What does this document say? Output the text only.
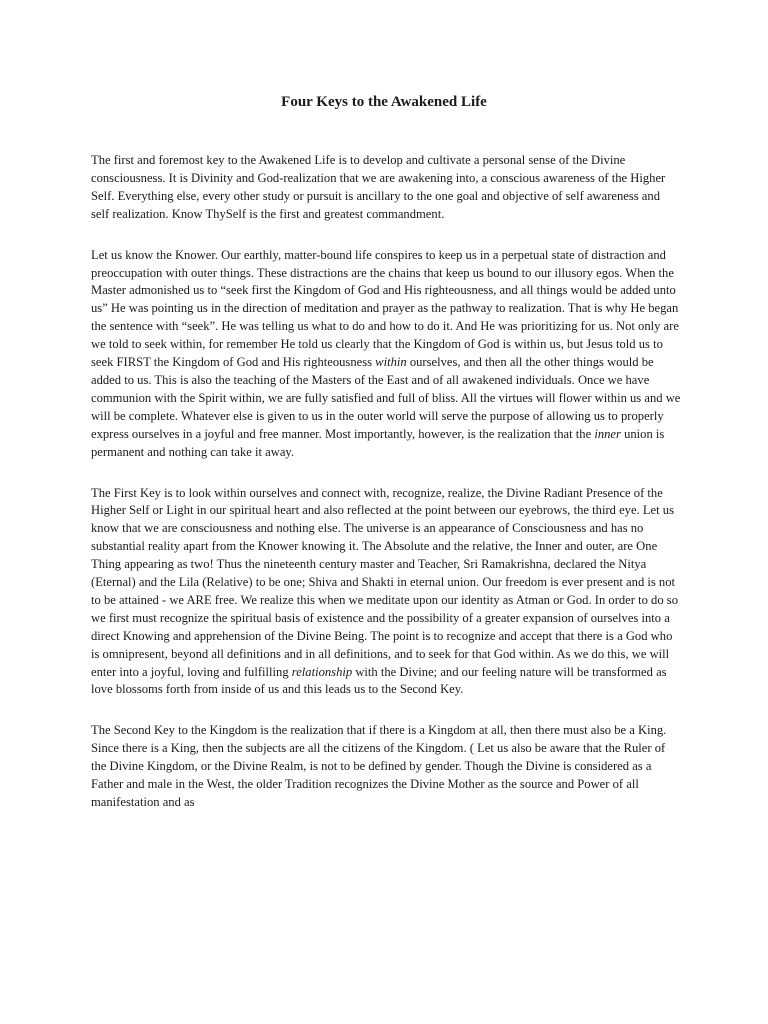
Four Keys to the Awakened Life

The first and foremost key to the Awakened Life is to develop and cultivate a personal sense of the Divine consciousness. It is Divinity and God-realization that we are awakening into, a conscious awareness of the Higher Self. Everything else, every other study or pursuit is ancillary to the one goal and objective of self awareness and self realization. Know ThySelf is the first and greatest commandment.

Let us know the Knower. Our earthly, matter-bound life conspires to keep us in a perpetual state of distraction and preoccupation with outer things. These distractions are the chains that keep us bound to our illusory egos. When the Master admonished us to “seek first the Kingdom of God and His righteousness, and all things would be added unto us” He was pointing us in the direction of meditation and prayer as the pathway to realization. That is why He began the sentence with “seek”. He was telling us what to do and how to do it. And He was prioritizing for us. Not only are we told to seek within, for remember He told us clearly that the Kingdom of God is within us, but Jesus told us to seek FIRST the Kingdom of God and His righteousness within ourselves, and then all the other things would be added to us. This is also the teaching of the Masters of the East and of all awakened individuals. Once we have communion with the Spirit within, we are fully satisfied and full of bliss. All the virtues will flower within us and we will be complete. Whatever else is given to us in the outer world will serve the purpose of allowing us to properly express ourselves in a joyful and free manner. Most importantly, however, is the realization that the inner union is permanent and nothing can take it away.

The First Key is to look within ourselves and connect with, recognize, realize, the Divine Radiant Presence of the Higher Self or Light in our spiritual heart and also reflected at the point between our eyebrows, the third eye. Let us know that we are consciousness and nothing else. The universe is an appearance of Consciousness and has no substantial reality apart from the Knower knowing it. The Absolute and the relative, the Inner and outer, are One Thing appearing as two! Thus the nineteenth century master and Teacher, Sri Ramakrishna, declared the Nitya (Eternal) and the Lila (Relative) to be one; Shiva and Shakti in eternal union. Our freedom is ever present and is not to be attained - we ARE free. We realize this when we meditate upon our identity as Atman or God. In order to do so we first must recognize the spiritual basis of existence and the possibility of a greater expansion of ourselves into a direct Knowing and apprehension of the Divine Being. The point is to recognize and accept that there is a God who is omnipresent, beyond all definitions and in all definitions, and to seek for that God within. As we do this, we will enter into a joyful, loving and fulfilling relationship with the Divine; and our feeling nature will be transformed as love blossoms forth from inside of us and this leads us to the Second Key.

The Second Key to the Kingdom is the realization that if there is a Kingdom at all, then there must also be a King. Since there is a King, then the subjects are all the citizens of the Kingdom. ( Let us also be aware that the Ruler of the Divine Kingdom, or the Divine Realm, is not to be defined by gender. Though the Divine is considered as a Father and male in the West, the older Tradition recognizes the Divine Mother as the source and Power of all manifestation and as
